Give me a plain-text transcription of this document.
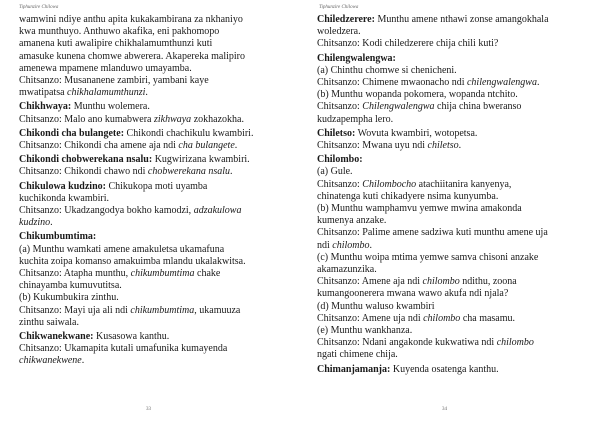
Tiphunzire Chilowa
wamwini ndiye anthu apita kukakambirana za nkhaniyo
kwa munthuyo. Anthuwo akafika, eni pakhomopo
amanena kuti awalipire chikhalamumthunzi kuti
amasuke kunena chomwe abwerera. Akapereka malipiro
amenewa mpamene mlanduwo umayamba.
Chitsanzo: Musananene zambiri, yambani kaye
mwatipatsa chikhalamumthunzi.
Chikhwaya: Munthu wolemera.
Chitsanzo: Malo ano kumabwera zikhwaya zokhazokha.
Chikondi cha bulangete: Chikondi chachikulu kwambiri.
Chitsanzo: Chikondi cha amene aja ndi cha bulangete.
Chikondi chobwerekana nsalu: Kugwirizana kwambiri.
Chitsanzo: Chikondi chawo ndi chobwerekana nsalu.
Chikulowa kudzino: Chikukopa moti uyamba
kuchikonda kwambiri.
Chitsanzo: Ukadzangodya bokho kamodzi, adzakulowa
kudzino.
Chikumbumtima:
(a) Munthu wamkati amene amakuletsa ukamafuna
kuchita zoipa komanso amakuimba mlandu ukalakwitsa.
Chitsanzo: Atapha munthu, chikumbumtima chake
chinayamba kumuvutitsa.
(b) Kukumbukira zinthu.
Chitsanzo: Mayi uja ali ndi chikumbumtima, ukamuuza
zinthu saiwala.
Chikwanekwane: Kusasowa kanthu.
Chitsanzo: Ukamapita kutali umafunika kumayenda
chikwanekwene.
33
Tiphunzire Chilowa
Chiledzerere: Munthu amene nthawi zonse amangokhala
woledzera.
Chitsanzo: Kodi chiledzerere chija chili kuti?
Chilengwalengwa:
(a) Chinthu chomwe si chenicheni.
Chitsanzo: Chimene mwaonacho ndi chilengwalengwa.
(b) Munthu wopanda pokomera, wopanda ntchito.
Chitsanzo: Chilengwalengwa chija china bweranso
kudzapempha lero.
Chiletso: Wovuta kwambiri, wotopetsa.
Chitsanzo: Mwana uyu ndi chiletso.
Chilombo:
(a) Gule.
Chitsanzo: Chilombocho atachiitanira kanyenya,
chinatenga kuti chikadyere nsima kunyumba.
(b) Munthu wamphamvu yemwe mwina amakonda
kumenya anzake.
Chitsanzo: Palime amene sadziwa kuti munthu amene uja
ndi chilombo.
(c) Munthu woipa mtima yemwe samva chisoni anzake
akamazunzika.
Chitsanzo: Amene aja ndi chilombo ndithu, zoona
kumangoonerera mwana wawo akufa ndi njala?
(d) Munthu waluso kwambiri
Chitsanzo: Amene uja ndi chilombo cha masamu.
(e) Munthu wankhanza.
Chitsanzo: Ndani angakonde kukwatiwa ndi chilombo
ngati chimene chija.
Chimanjamanja: Kuyenda osatenga kanthu.
34
